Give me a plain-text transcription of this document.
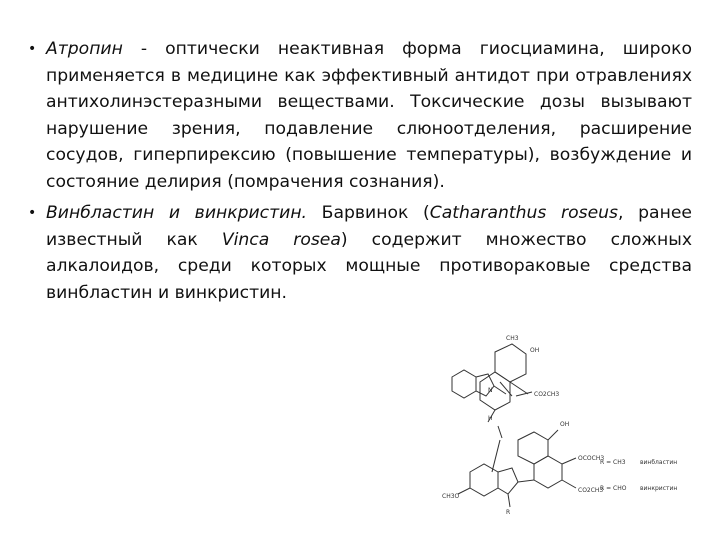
• Атропин - оптически неактивная форма гиосциамина, широко применяется в медицине как эффективный антидот при отравлениях антихолинэстеразными веществами. Токсические дозы вызывают нарушение зрения, подавление слюноотделения, расширение сосудов, гиперпирексию (повышение температуры), возбуждение и состояние делирия (помрачения сознания).
• Винбластин и винкристин. Барвинок (Catharanthus roseus, ранее известный как Vinca rosea) содержит множество сложных алкалоидов, среди которых мощные противораковые средства винбластин и винкристин.
CH3
OH
N
H
CO2CH3
CH3O
R
OH
OCOCH3
CO2CH3
R = CH3 винбластин
R = CHO винкристин
